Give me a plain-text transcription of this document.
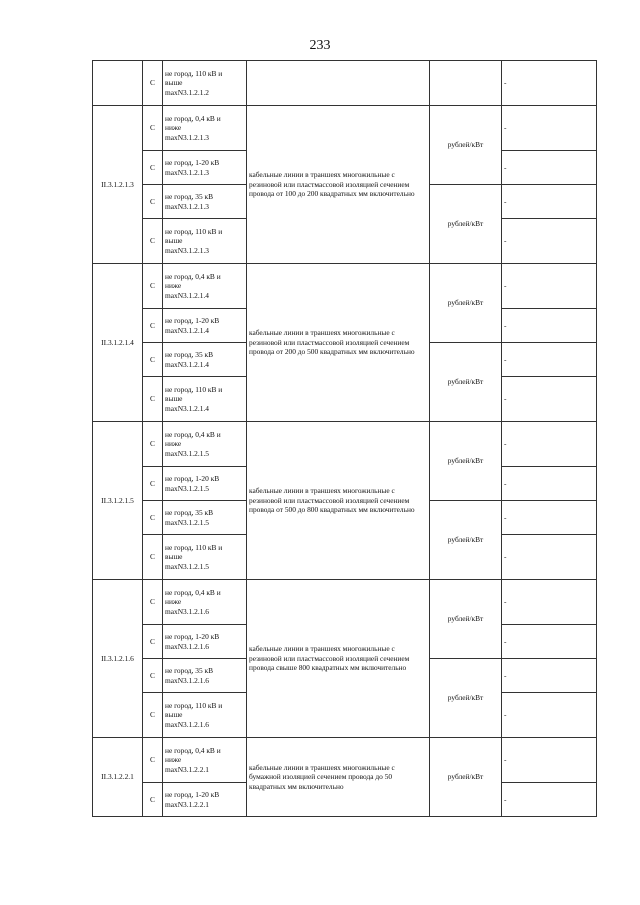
233
	С	не город, 110 кВ и
выше
maxN3.1.2.1.2			-
II.3.1.2.1.3	С	не город, 0,4 кВ и
ниже
maxN3.1.2.1.3	кабельные линии в траншеях многожильные с резиновой или пластмассовой изоляцией сечением провода от 100 до 200 квадратных мм включительно	рублей/кВт	-
	С	не город, 1-20 кВ
maxN3.1.2.1.3			-
	С	не город, 35 кВ
maxN3.1.2.1.3		рублей/кВт	-
	С	не город, 110 кВ и
выше
maxN3.1.2.1.3			-
II.3.1.2.1.4	С	не город, 0,4 кВ и
ниже
maxN3.1.2.1.4	кабельные линии в траншеях многожильные с резиновой или пластмассовой изоляцией сечением провода от 200 до 500 квадратных мм включительно	рублей/кВт	-
	С	не город, 1-20 кВ
maxN3.1.2.1.4			-
	С	не город, 35 кВ
maxN3.1.2.1.4		рублей/кВт	-
	С	не город, 110 кВ и
выше
maxN3.1.2.1.4			-
II.3.1.2.1.5	С	не город, 0,4 кВ и
ниже
maxN3.1.2.1.5	кабельные линии в траншеях многожильные с резиновой или пластмассовой изоляцией сечением провода от 500 до 800 квадратных мм включительно	рублей/кВт	-
	С	не город, 1-20 кВ
maxN3.1.2.1.5			-
	С	не город, 35 кВ
maxN3.1.2.1.5		рублей/кВт	-
	С	не город, 110 кВ и
выше
maxN3.1.2.1.5			-
II.3.1.2.1.6	С	не город, 0,4 кВ и
ниже
maxN3.1.2.1.6	кабельные линии в траншеях многожильные с резиновой или пластмассовой изоляцией сечением провода свыше 800 квадратных мм включительно	рублей/кВт	-
	С	не город, 1-20 кВ
maxN3.1.2.1.6			-
	С	не город, 35 кВ
maxN3.1.2.1.6		рублей/кВт	-
	С	не город, 110 кВ и
выше
maxN3.1.2.1.6			-
II.3.1.2.2.1	С	не город, 0,4 кВ и
ниже
maxN3.1.2.2.1	кабельные линии в траншеях многожильные с бумажной изоляцией сечением провода до 50 квадратных мм включительно	рублей/кВт	-
	С	не город, 1-20 кВ
maxN3.1.2.2.1			-
